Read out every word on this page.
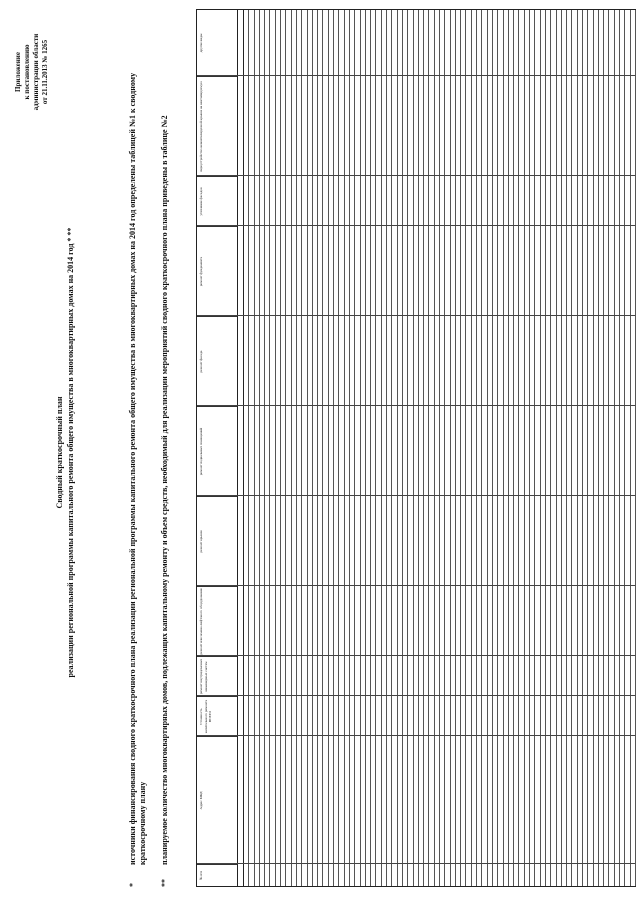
Приложение к постановлению администрации области от 21.11.2013 № 1265
Сводный краткосрочный план реализации региональной программы капитального ремонта общего имущества в многоквартирных домах на 2014 год * **
*
источники финансирования сводного краткосрочного плана реализации региональной программы капитального ремонта общего имущества в многоквартирных домах на 2014 год определены таблицей №1 к сводному краткосрочному плану
**
планируемое количество многоквартирных домов, подлежащих капитальному ремонту и объем средств, необходимый для реализации мероприятий сводного краткосрочного плана приведены в таблице №2
№ п/п
Адрес МКД
Стоимость капитального ремонта ВСЕГО
ремонт внутридомовых инженерных систем
ремонт или замена лифтового оборудования
ремонт крыши
ремонт подвальных помещений
ремонт фасада
ремонт фундамента
утепление фасадов
переустройство невентилируемой крыши на вентилируемую
другие виды
